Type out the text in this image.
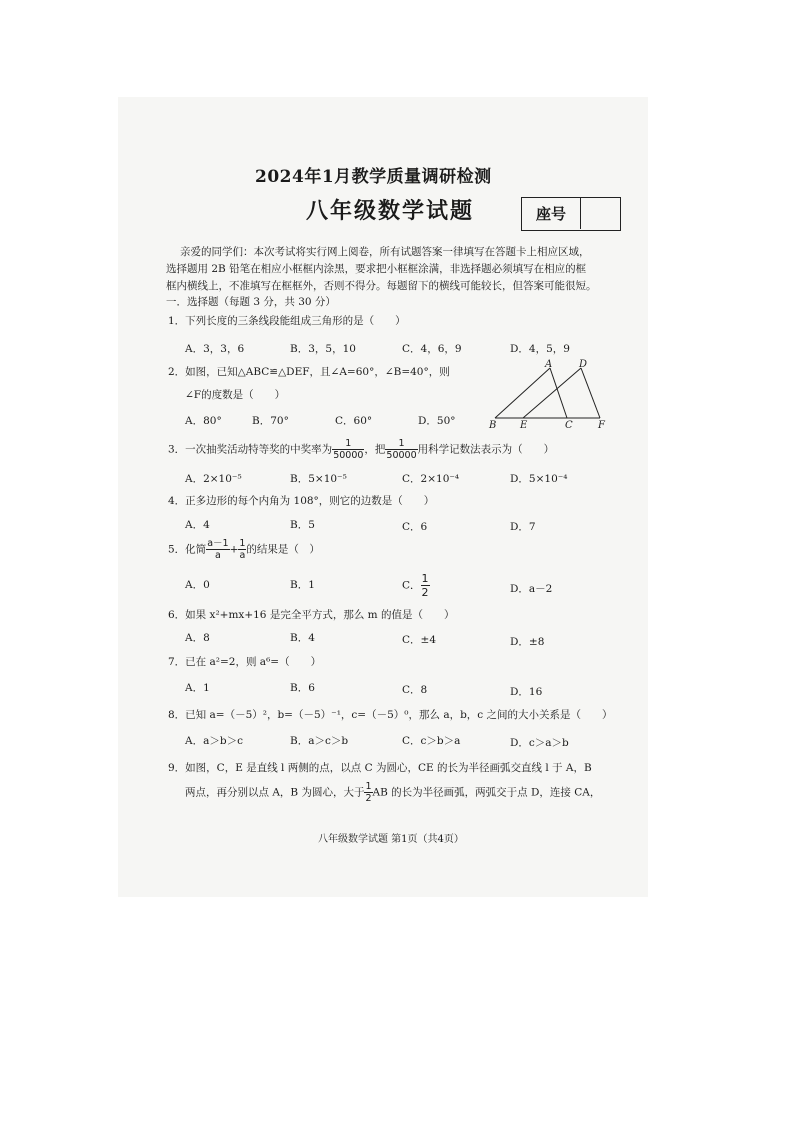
2024年1月教学质量调研检测
八年级数学试题	座号
亲爱的同学们：本次考试将实行网上阅卷，所有试题答案一律填写在答题卡上相应区域，
选择题用 2B 铅笔在相应小框框内涂黑，要求把小框框涂满，非选择题必须填写在相应的框
框内横线上，不准填写在框框外，否则不得分。每题留下的横线可能较长，但答案可能很短。
一．选择题（每题 3 分，共 30 分）
1．下列长度的三条线段能组成三角形的是（　　）
A．3，3，6	B．3，5，10	C．4，6，9	D．4，5，9
2．如图，已知△ABC≌△DEF，且∠A=60°，∠B=40°，则
∠F的度数是（　　）
A．80°	B．70°	C．60°	D．50°
A	D
B E	C	F
3．一次抽奖活动特等奖的中奖率为 $\frac{1}{50000}$ ，把 $\frac{1}{50000}$ 用科学记数法表示为（　　）
A．2×10⁻⁵	B．5×10⁻⁵	C．2×10⁻⁴	D．5×10⁻⁴
4．正多边形的每个内角为 108°，则它的边数是（　　）
A．4	B．5	C．6	D．7
5．化简 $\frac{a-1}{a} + \frac{1}{a}$ 的结果是（　）
A．0	B．1	C． $\frac{1}{2}$	D．a－2
6．如果 x²+mx+16 是完全平方式，那么 m 的值是（　　）
A．8	B．4	C．±4	D．±8
7．已在 a²=2，则 a⁶=（　　）
A．1	B．6	C．8	D．16
8．已知 a=（－5）²，b=（－5）⁻¹，c=（－5）⁰，那么 a，b，c 之间的大小关系是（　　）
A．a＞b＞c	B．a＞c＞b	C．c＞b＞a	D．c＞a＞b
9．如图，C，E 是直线 l 两侧的点，以点 C 为圆心，CE 的长为半径画弧交直线 l 于 A，B
两点，再分别以点 A，B 为圆心，大于 $\frac{1}{2}$ AB 的长为半径画弧，两弧交于点 D，连接 CA，
八年级数学试题 第1页（共4页）
